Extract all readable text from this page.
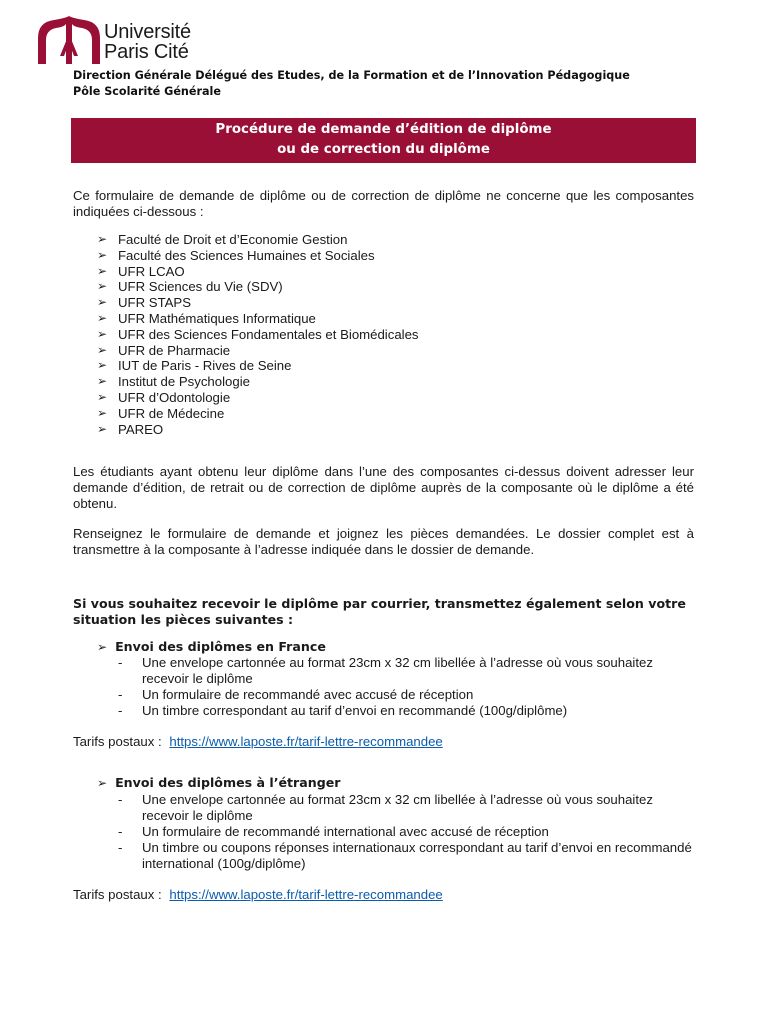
Université
Paris Cité
Direction Générale Délégué des Etudes, de la Formation et de l’Innovation Pédagogique
Pôle Scolarité Générale
Procédure de demande d’édition de diplôme
ou de correction du diplôme
Ce formulaire de demande de diplôme ou de correction de diplôme ne concerne que les composantes indiquées ci-dessous :
➢ Faculté de Droit et d’Economie Gestion
➢ Faculté des Sciences Humaines et Sociales
➢ UFR LCAO
➢ UFR Sciences du Vie (SDV)
➢ UFR STAPS
➢ UFR Mathématiques Informatique
➢ UFR des Sciences Fondamentales et Biomédicales
➢ UFR de Pharmacie
➢ IUT de Paris - Rives de Seine
➢ Institut de Psychologie
➢ UFR d’Odontologie
➢ UFR de Médecine
➢ PAREO
Les étudiants ayant obtenu leur diplôme dans l’une des composantes ci-dessus doivent adresser leur demande d’édition, de retrait ou de correction de diplôme auprès de la composante où le diplôme a été obtenu.
Renseignez le formulaire de demande et joignez les pièces demandées. Le dossier complet est à transmettre à la composante à l’adresse indiquée dans le dossier de demande.
Si vous souhaitez recevoir le diplôme par courrier, transmettez également selon votre situation les pièces suivantes :
➢ Envoi des diplômes en France
- Une envelope cartonnée au format 23cm x 32 cm libellée à l’adresse où vous souhaitez recevoir le diplôme
- Un formulaire de recommandé avec accusé de réception
- Un timbre correspondant au tarif d’envoi en recommandé (100g/diplôme)
Tarifs postaux : https://www.laposte.fr/tarif-lettre-recommandee
➢ Envoi des diplômes à l’étranger
- Une envelope cartonnée au format 23cm x 32 cm libellée à l’adresse où vous souhaitez recevoir le diplôme
- Un formulaire de recommandé international avec accusé de réception
- Un timbre ou coupons réponses internationaux correspondant au tarif d’envoi en recommandé international (100g/diplôme)
Tarifs postaux : https://www.laposte.fr/tarif-lettre-recommandee
